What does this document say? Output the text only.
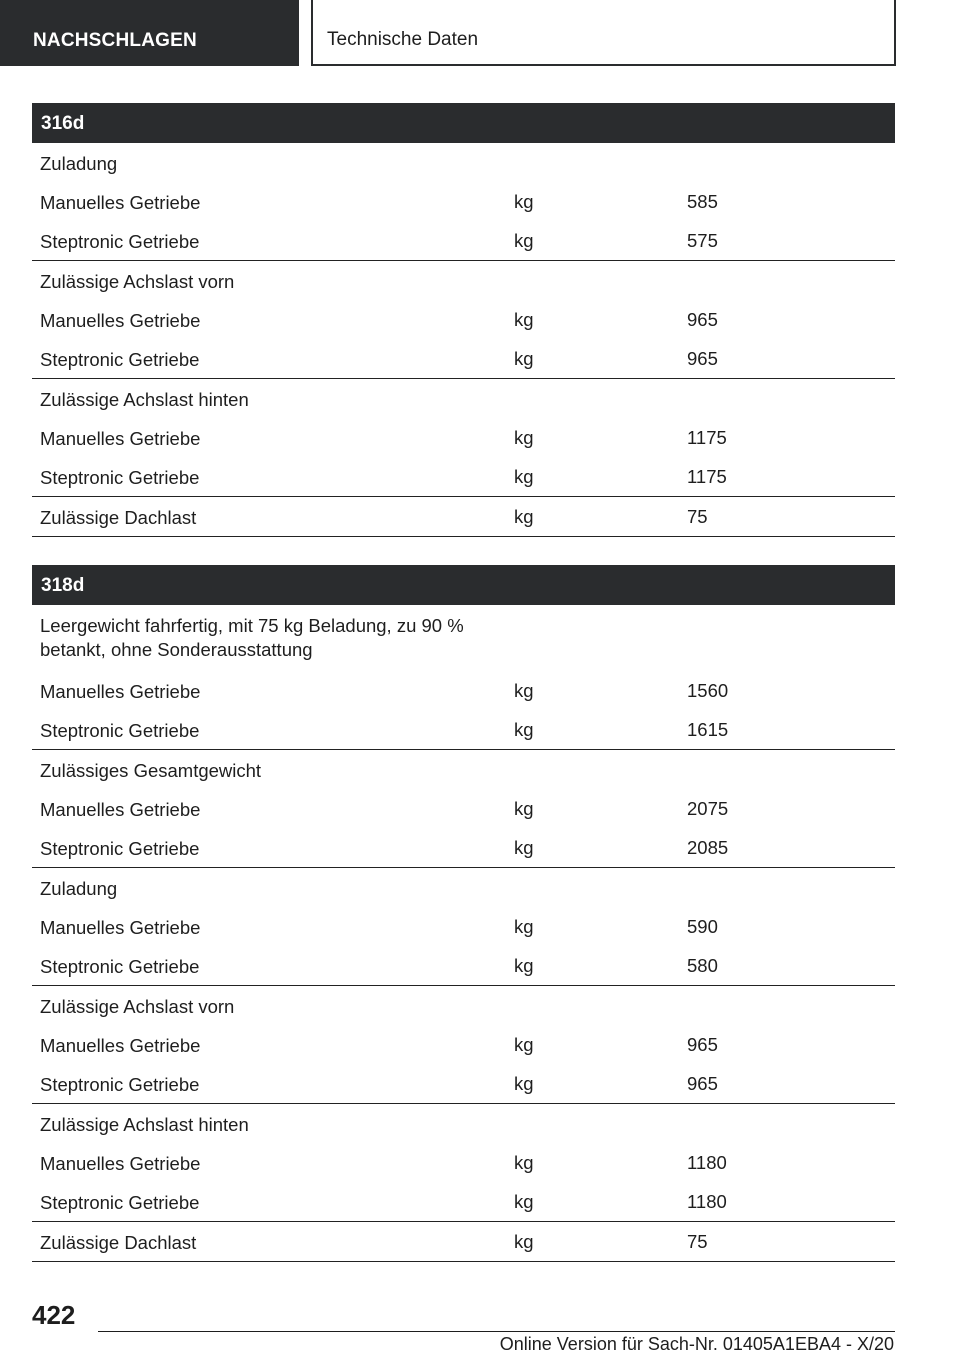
NACHSCHLAGEN	Technische Daten
316d
Zuladung
Manuelles Getriebe	kg	585
Steptronic Getriebe	kg	575
Zulässige Achslast vorn
Manuelles Getriebe	kg	965
Steptronic Getriebe	kg	965
Zulässige Achslast hinten
Manuelles Getriebe	kg	1175
Steptronic Getriebe	kg	1175
Zulässige Dachlast	kg	75
318d
Leergewicht fahrfertig, mit 75 kg Beladung, zu 90 % betankt, ohne Sonderausstattung
Manuelles Getriebe	kg	1560
Steptronic Getriebe	kg	1615
Zulässiges Gesamtgewicht
Manuelles Getriebe	kg	2075
Steptronic Getriebe	kg	2085
Zuladung
Manuelles Getriebe	kg	590
Steptronic Getriebe	kg	580
Zulässige Achslast vorn
Manuelles Getriebe	kg	965
Steptronic Getriebe	kg	965
Zulässige Achslast hinten
Manuelles Getriebe	kg	1180
Steptronic Getriebe	kg	1180
Zulässige Dachlast	kg	75
422
Online Version für Sach-Nr. 01405A1EBA4 - X/20
